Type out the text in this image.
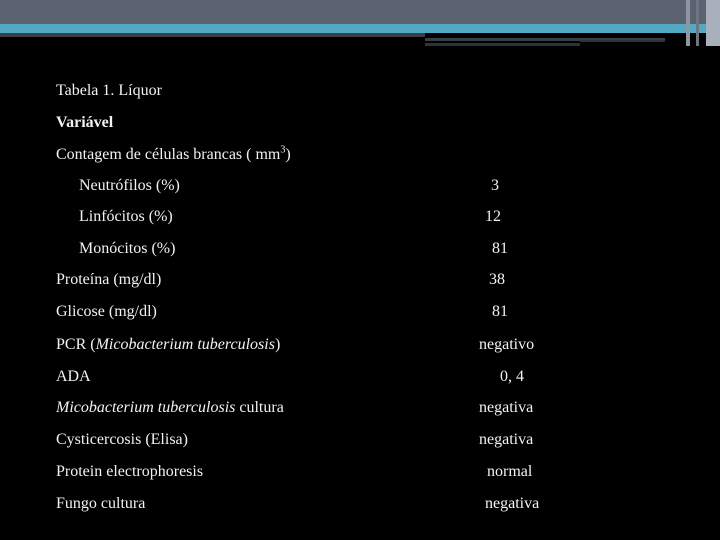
Tabela 1. Líquor
Variável
Contagem de células brancas ( $mm^3$)
Neutrófilos (%)	3
Linfócitos (%)	12
Monócitos (%)	81
Proteína (mg/dl)	38
Glicose (mg/dl)	81
PCR (Micobacterium tuberculosis)	negativo
ADA	0, 4
Micobacterium tuberculosis cultura	negativa
Cysticercosis (Elisa)	negativa
Protein electrophoresis	normal
Fungo cultura	negativa
